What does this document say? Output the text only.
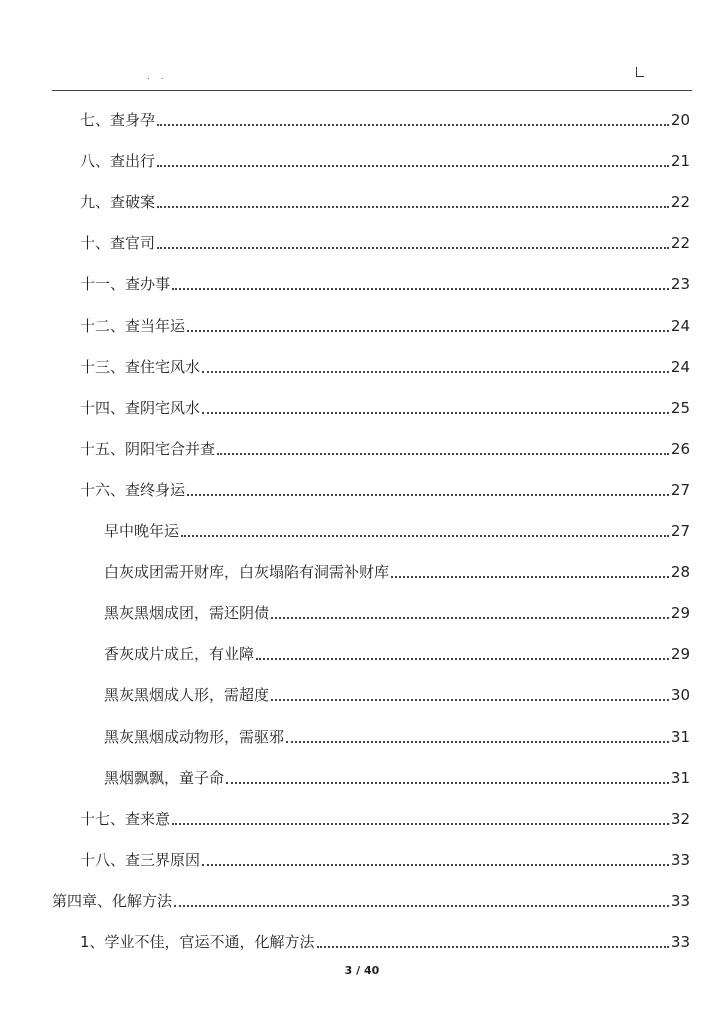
. .
七、查身孕	20
八、查出行	21
九、查破案	22
十、查官司	22
十一、查办事	23
十二、查当年运	24
十三、查住宅风水	24
十四、查阴宅风水	25
十五、阴阳宅合并查	26
十六、查终身运	27
早中晚年运	27
白灰成团需开财库，白灰塌陷有洞需补财库	28
黑灰黑烟成团，需还阴债	29
香灰成片成丘，有业障	29
黑灰黑烟成人形，需超度	30
黑灰黑烟成动物形，需驱邪	31
黑烟飘飘，童子命	31
十七、查来意	32
十八、查三界原因	33
第四章、化解方法	33
1、学业不佳，官运不通，化解方法	33
3 / 40
